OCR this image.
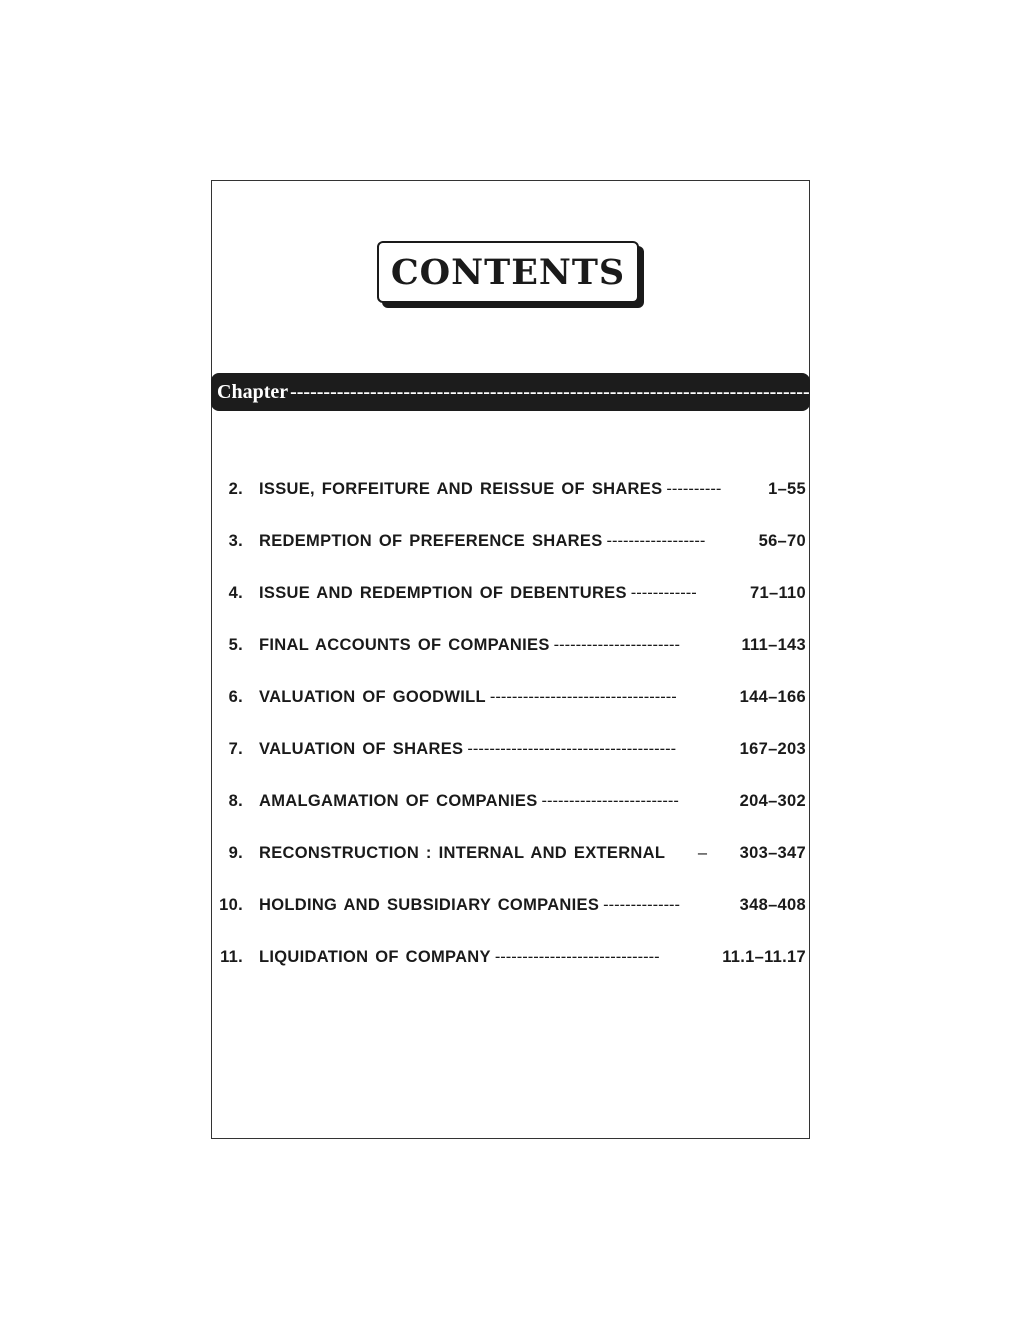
CONTENTS
Chapter ------------------------------------------------------------------------------------------------ Page No.
2. ISSUE, FORFEITURE AND REISSUE OF SHARES ----------	1–55
3. REDEMPTION OF PREFERENCE SHARES ------------------	56–70
4. ISSUE AND REDEMPTION OF DEBENTURES ------------	71–110
5. FINAL ACCOUNTS OF COMPANIES -----------------------	111–143
6. VALUATION OF GOODWILL ----------------------------------	144–166
7. VALUATION OF SHARES --------------------------------------	167–203
8. AMALGAMATION OF COMPANIES -------------------------	204–302
9. RECONSTRUCTION : INTERNAL AND EXTERNAL	–	303–347
10. HOLDING AND SUBSIDIARY COMPANIES --------------	348–408
11. LIQUIDATION OF COMPANY ------------------------------	11.1–11.17
